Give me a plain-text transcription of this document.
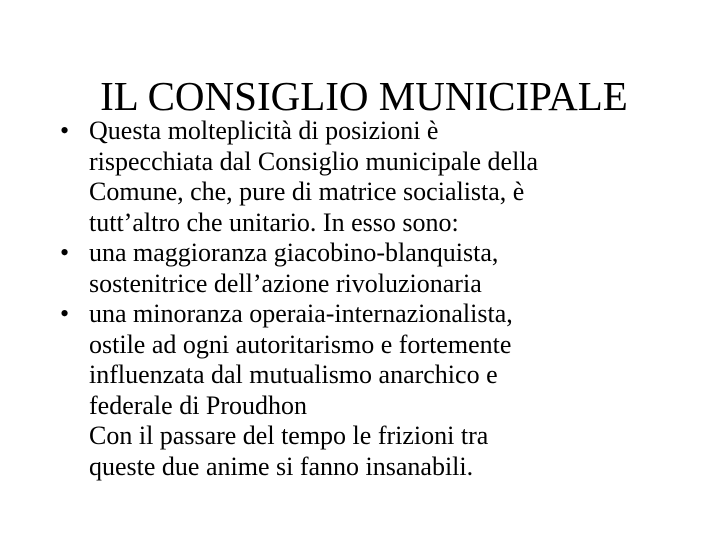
IL CONSIGLIO MUNICIPALE
• Questa molteplicità di posizioni è
rispecchiata dal Consiglio municipale della
Comune, che, pure di matrice socialista, è
tutt’altro che unitario. In esso sono:
• una maggioranza giacobino-blanquista,
sostenitrice dell’azione rivoluzionaria
• una minoranza operaia-internazionalista,
ostile ad ogni autoritarismo e fortemente
influenzata dal mutualismo anarchico e
federale di Proudhon
Con il passare del tempo le frizioni tra
queste due anime si fanno insanabili.
